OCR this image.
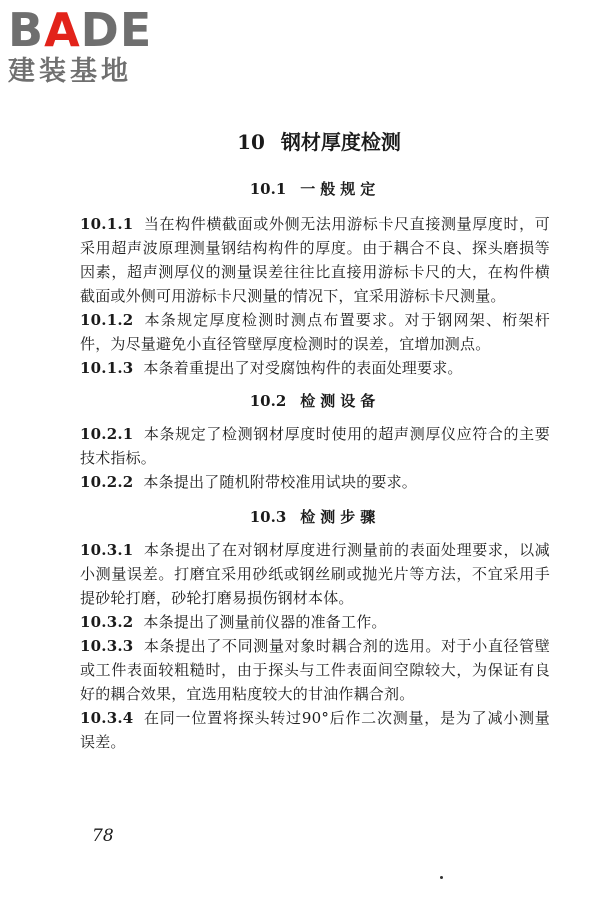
BADE
建装基地
10 钢材厚度检测
10.1 一般规定

10.1.1 当在构件横截面或外侧无法用游标卡尺直接测量厚度时，可采用超声波原理测量钢结构构件的厚度。由于耦合不良、探头磨损等因素，超声测厚仪的测量误差往往比直接用游标卡尺的大，在构件横截面或外侧可用游标卡尺测量的情况下，宜采用游标卡尺测量。

10.1.2 本条规定厚度检测时测点布置要求。对于钢网架、桁架杆件，为尽量避免小直径管壁厚度检测时的误差，宜增加测点。

10.1.3 本条着重提出了对受腐蚀构件的表面处理要求。

10.2 检测设备

10.2.1 本条规定了检测钢材厚度时使用的超声测厚仪应符合的主要技术指标。

10.2.2 本条提出了随机附带校准用试块的要求。

10.3 检测步骤

10.3.1 本条提出了在对钢材厚度进行测量前的表面处理要求，以减小测量误差。打磨宜采用砂纸或钢丝刷或抛光片等方法，不宜采用手提砂轮打磨，砂轮打磨易损伤钢材本体。

10.3.2 本条提出了测量前仪器的准备工作。

10.3.3 本条提出了不同测量对象时耦合剂的选用。对于小直径管壁或工件表面较粗糙时，由于探头与工件表面间空隙较大，为保证有良好的耦合效果，宜选用粘度较大的甘油作耦合剂。

10.3.4 在同一位置将探头转过90°后作二次测量，是为了减小测量误差。

78
